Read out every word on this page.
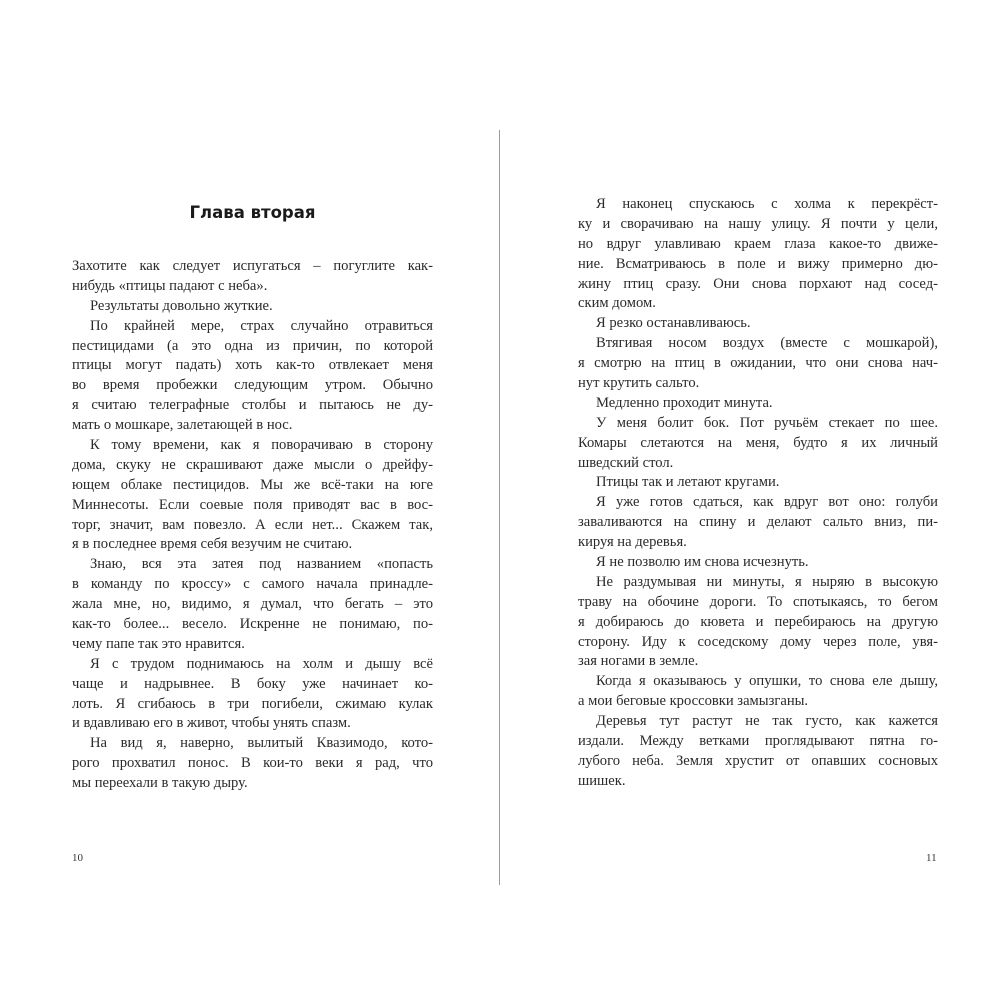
Глава вторая
Захотите как следует испугаться – погуглите как-
нибудь «птицы падают с неба».
Результаты довольно жуткие.
По крайней мере, страх случайно отравиться
пестицидами (а это одна из причин, по которой
птицы могут падать) хоть как-то отвлекает меня
во время пробежки следующим утром. Обычно
я считаю телеграфные столбы и пытаюсь не ду-
мать о мошкаре, залетающей в нос.
К тому времени, как я поворачиваю в сторону
дома, скуку не скрашивают даже мысли о дрейфу-
ющем облаке пестицидов. Мы же всё-таки на юге
Миннесоты. Если соевые поля приводят вас в вос-
торг, значит, вам повезло. А если нет... Скажем так,
я в последнее время себя везучим не считаю.
Знаю, вся эта затея под названием «попасть
в команду по кроссу» с самого начала принадле-
жала мне, но, видимо, я думал, что бегать – это
как-то более... весело. Искренне не понимаю, по-
чему папе так это нравится.
Я с трудом поднимаюсь на холм и дышу всё
чаще и надрывнее. В боку уже начинает ко-
лоть. Я сгибаюсь в три погибели, сжимаю кулак
и вдавливаю его в живот, чтобы унять спазм.
На вид я, наверно, вылитый Квазимодо, кото-
рого прохватил понос. В кои-то веки я рад, что
мы переехали в такую дыру.
Я наконец спускаюсь с холма к перекрёст-
ку и сворачиваю на нашу улицу. Я почти у цели,
но вдруг улавливаю краем глаза какое-то движе-
ние. Всматриваюсь в поле и вижу примерно дю-
жину птиц сразу. Они снова порхают над сосед-
ским домом.
Я резко останавливаюсь.
Втягивая носом воздух (вместе с мошкарой),
я смотрю на птиц в ожидании, что они снова нач-
нут крутить сальто.
Медленно проходит минута.
У меня болит бок. Пот ручьём стекает по шее.
Комары слетаются на меня, будто я их личный
шведский стол.
Птицы так и летают кругами.
Я уже готов сдаться, как вдруг вот оно: голуби
заваливаются на спину и делают сальто вниз, пи-
кируя на деревья.
Я не позволю им снова исчезнуть.
Не раздумывая ни минуты, я ныряю в высокую
траву на обочине дороги. То спотыкаясь, то бегом
я добираюсь до кювета и перебираюсь на другую
сторону. Иду к соседскому дому через поле, увя-
зая ногами в земле.
Когда я оказываюсь у опушки, то снова еле дышу,
а мои беговые кроссовки замызганы.
Деревья тут растут не так густо, как кажется
издали. Между ветками проглядывают пятна го-
лубого неба. Земля хрустит от опавших сосновых
шишек.
10	11
